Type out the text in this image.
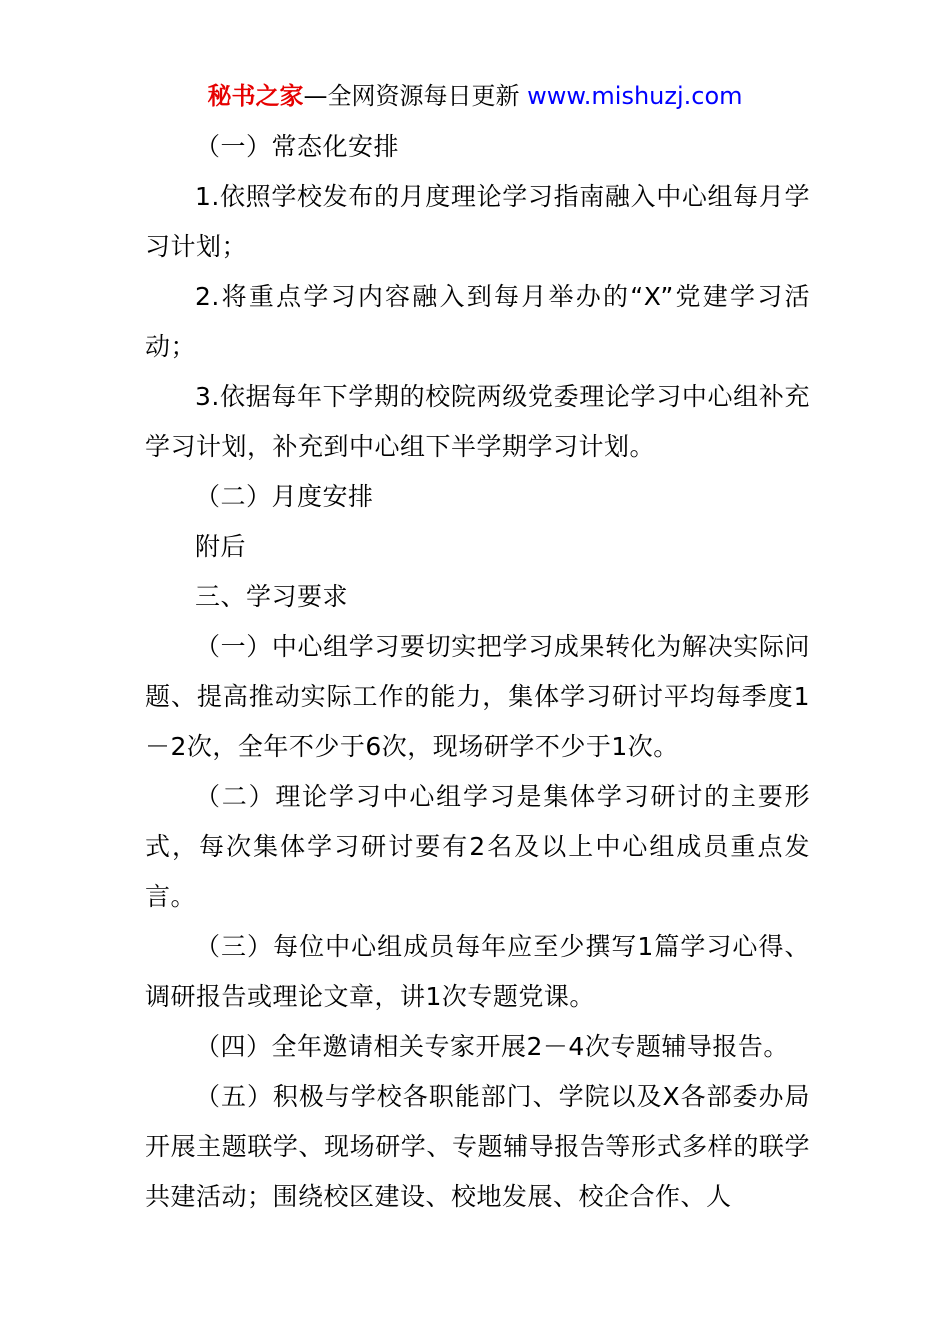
秘书之家—全网资源每日更新 www.mishuzj.com

（一）常态化安排

1.依照学校发布的月度理论学习指南融入中心组每月学习计划；

2.将重点学习内容融入到每月举办的“X”党建学习活动；

3.依据每年下学期的校院两级党委理论学习中心组补充学习计划，补充到中心组下半学期学习计划。

（二）月度安排

附后

三、学习要求

（一）中心组学习要切实把学习成果转化为解决实际问题、提高推动实际工作的能力，集体学习研讨平均每季度1－2次，全年不少于6次，现场研学不少于1次。

（二）理论学习中心组学习是集体学习研讨的主要形式，每次集体学习研讨要有2名及以上中心组成员重点发言。

（三）每位中心组成员每年应至少撰写1篇学习心得、调研报告或理论文章，讲1次专题党课。

（四）全年邀请相关专家开展2－4次专题辅导报告。

（五）积极与学校各职能部门、学院以及X各部委办局开展主题联学、现场研学、专题辅导报告等形式多样的联学共建活动；围绕校区建设、校地发展、校企合作、人
